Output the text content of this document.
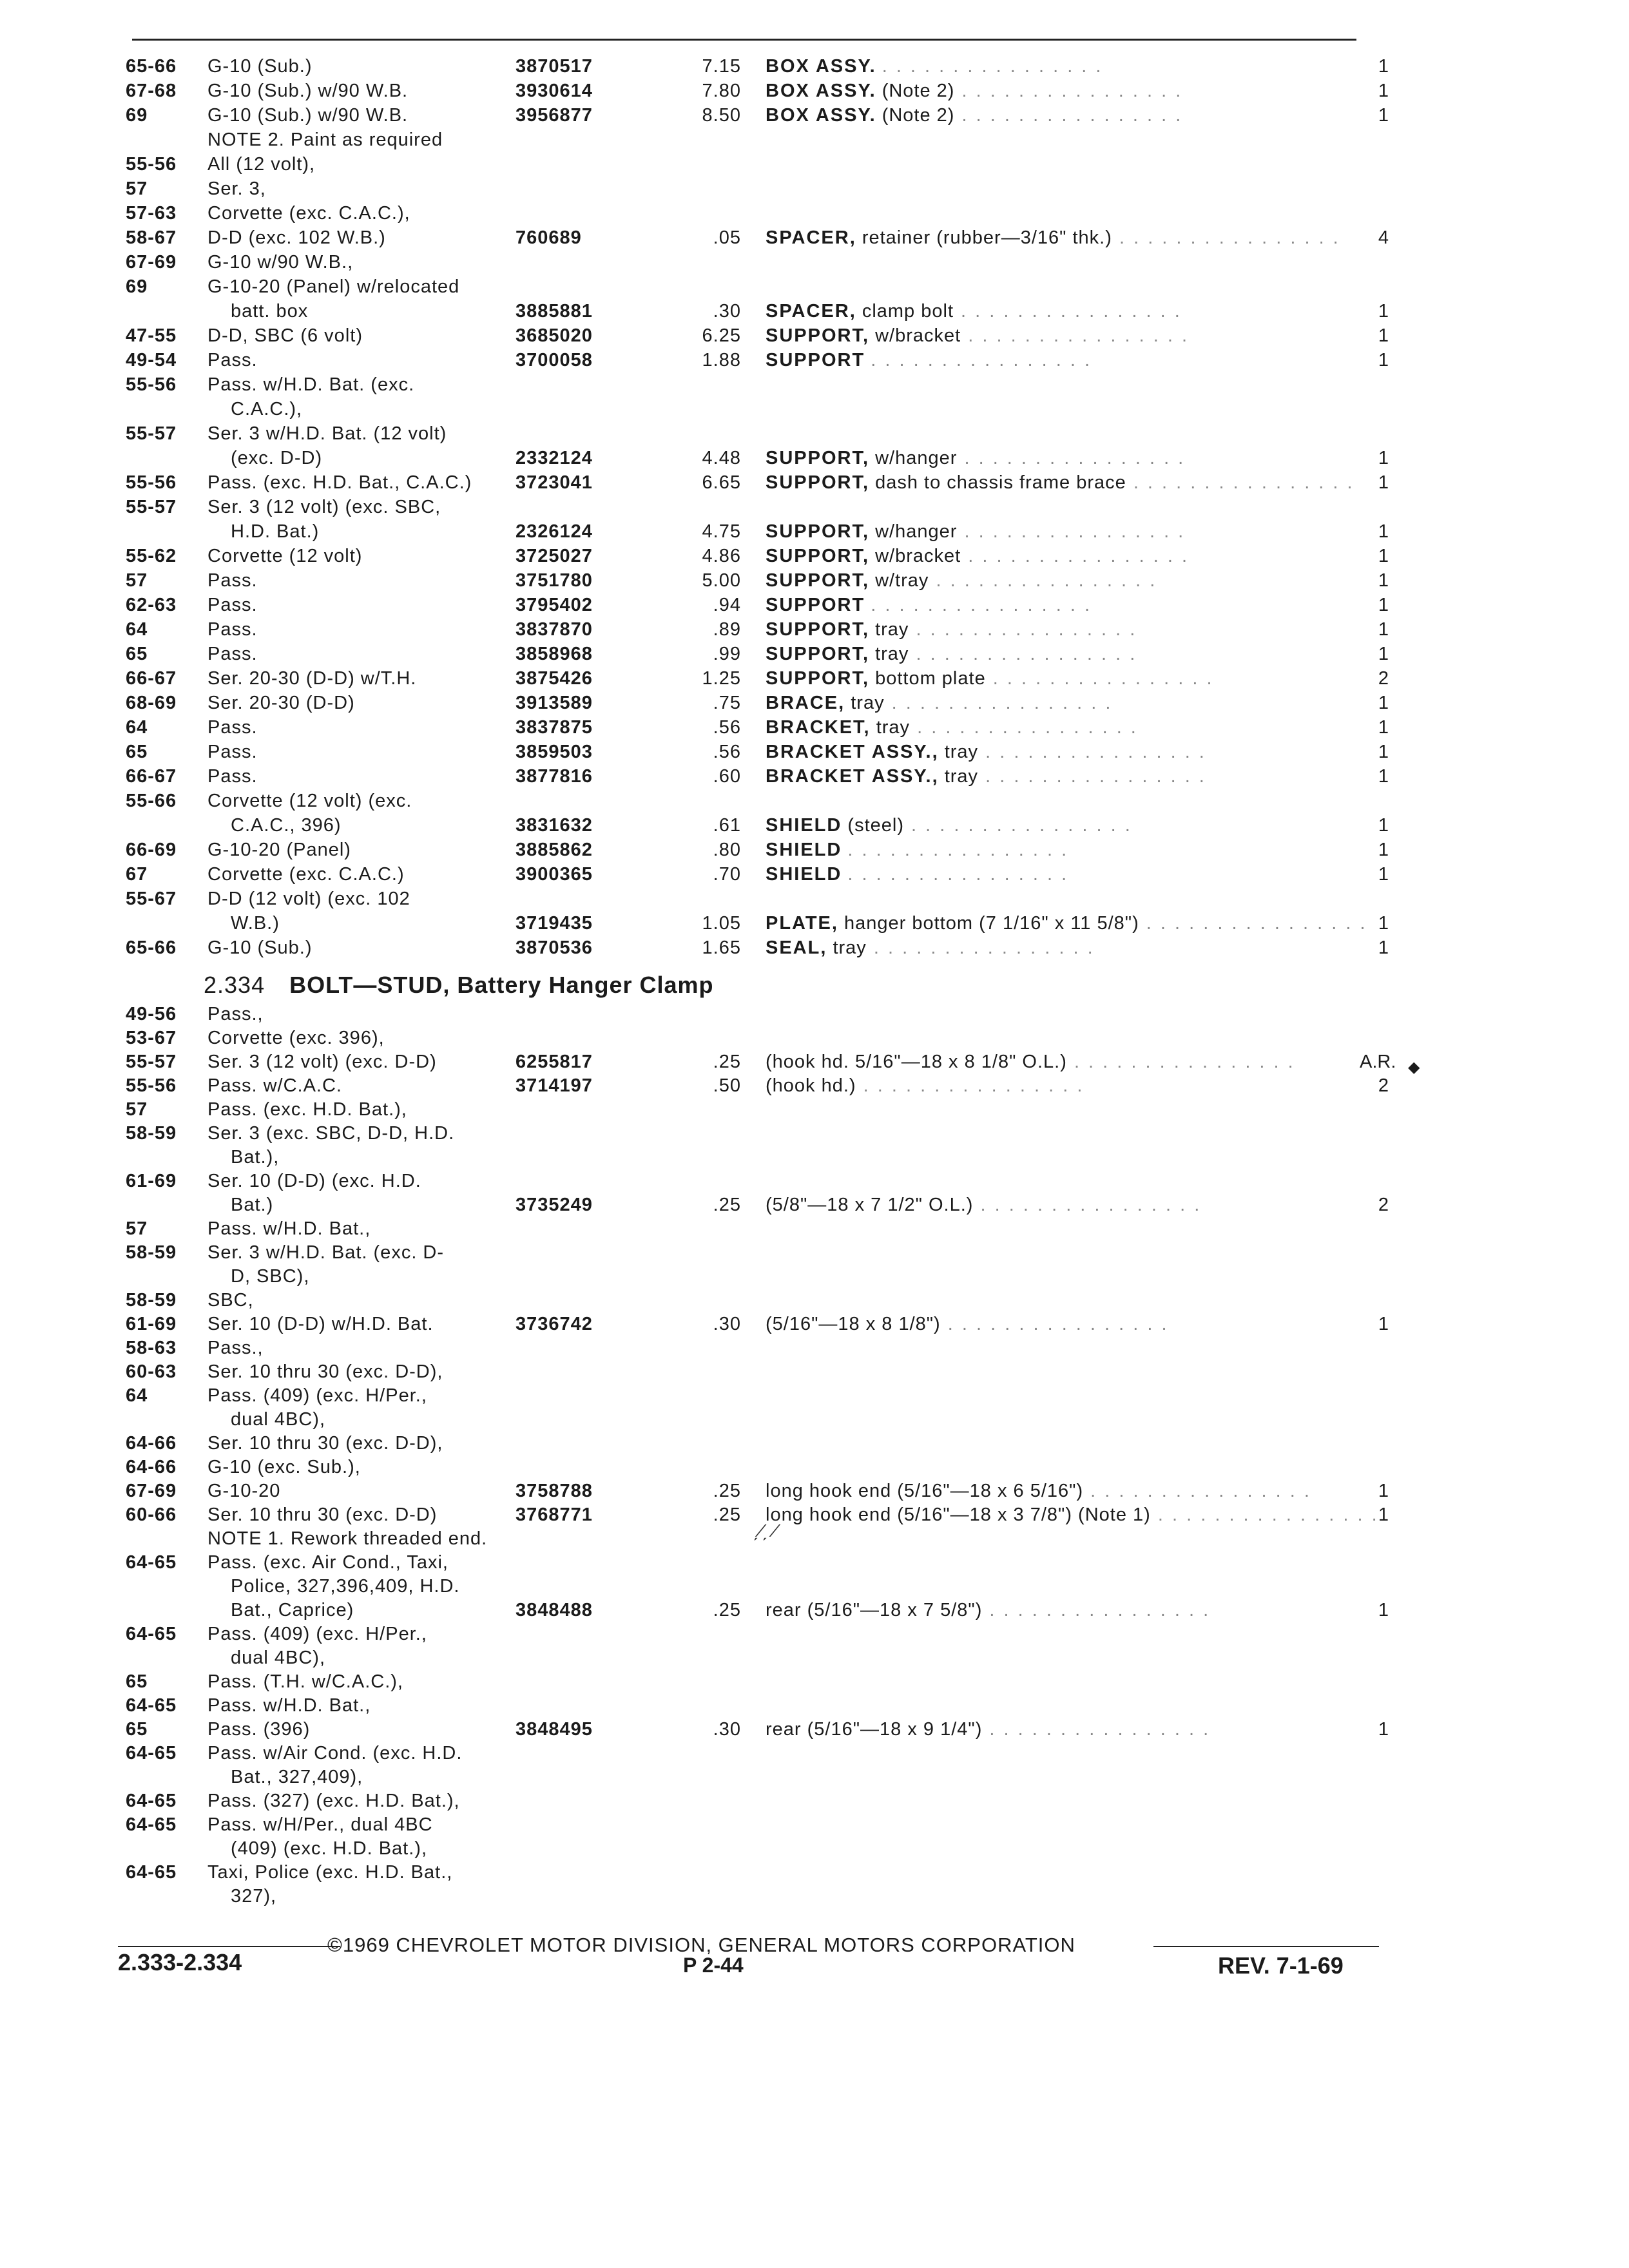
65-66 G-10 (Sub.)	3870517	7.15 BOX ASSY. . . . . . . . . . . . . . . . .	1
67-68 G-10 (Sub.) w/90 W.B.	3930614	7.80 BOX ASSY. (Note 2) . . . . . . . . . . . . . . . .	1
69	G-10 (Sub.) w/90 W.B.	3956877	8.50 BOX ASSY. (Note 2) . . . . . . . . . . . . . . . .	1
NOTE 2. Paint as required
55-56 All (12 volt),
57	Ser. 3,
57-63 Corvette (exc. C.A.C.),
58-67 D-D (exc. 102 W.B.)	760689	.05 SPACER, retainer (rubber—3/16" thk.) . . . . . . . . . . . . . . . .	4
67-69 G-10 w/90 W.B.,
69	G-10-20 (Panel) w/relocated
batt. box	3885881	.30 SPACER, clamp bolt . . . . . . . . . . . . . . . .	1
47-55 D-D, SBC (6 volt)	3685020	6.25 SUPPORT, w/bracket . . . . . . . . . . . . . . . .	1
49-54 Pass.	3700058	1.88 SUPPORT . . . . . . . . . . . . . . . .	1
55-56 Pass. w/H.D. Bat. (exc.
C.A.C.),
55-57 Ser. 3 w/H.D. Bat. (12 volt)
(exc. D-D)	2332124	4.48 SUPPORT, w/hanger . . . . . . . . . . . . . . . .	1
55-56 Pass. (exc. H.D. Bat., C.A.C.) 3723041	6.65 SUPPORT, dash to chassis frame brace . . . . . . . . . . . . . . . .	1
55-57 Ser. 3 (12 volt) (exc. SBC,
H.D. Bat.)	2326124	4.75 SUPPORT, w/hanger . . . . . . . . . . . . . . . .	1
55-62 Corvette (12 volt)	3725027	4.86 SUPPORT, w/bracket . . . . . . . . . . . . . . . .	1
57	Pass.	3751780	5.00 SUPPORT, w/tray . . . . . . . . . . . . . . . .	1
62-63 Pass.	3795402	.94 SUPPORT . . . . . . . . . . . . . . . .	1
64	Pass.	3837870	.89 SUPPORT, tray . . . . . . . . . . . . . . . .	1
65	Pass.	3858968	.99 SUPPORT, tray . . . . . . . . . . . . . . . .	1
66-67 Ser. 20-30 (D-D) w/T.H.	3875426	1.25 SUPPORT, bottom plate . . . . . . . . . . . . . . . .	2
68-69 Ser. 20-30 (D-D)	3913589	.75 BRACE, tray . . . . . . . . . . . . . . . .	1
64	Pass.	3837875	.56 BRACKET, tray . . . . . . . . . . . . . . . .	1
65	Pass.	3859503	.56 BRACKET ASSY., tray . . . . . . . . . . . . . . . .	1
66-67 Pass.	3877816	.60 BRACKET ASSY., tray . . . . . . . . . . . . . . . .	1
55-66 Corvette (12 volt) (exc.
C.A.C., 396)	3831632	.61 SHIELD (steel) . . . . . . . . . . . . . . . .	1
66-69 G-10-20 (Panel)	3885862	.80 SHIELD . . . . . . . . . . . . . . . .	1
67	Corvette (exc. C.A.C.)	3900365	.70 SHIELD . . . . . . . . . . . . . . . .	1
55-67 D-D (12 volt) (exc. 102
W.B.)	3719435	1.05 PLATE, hanger bottom (7 1/16" x 11 5/8") . . . . . . . . . . . . . . . . 1
65-66 G-10 (Sub.)	3870536	1.65 SEAL, tray . . . . . . . . . . . . . . . .	1
2.334 BOLT—STUD, Battery Hanger Clamp
49-56 Pass.,
53-67 Corvette (exc. 396),
55-57 Ser. 3 (12 volt) (exc. D-D)	6255817	.25 (hook hd. 5/16"—18 x 8 1/8" O.L.) . . . . . . . . . . . . . . . .	A.R.
55-56 Pass. w/C.A.C.	3714197	.50 (hook hd.) . . . . . . . . . . . . . . . .	2
57	Pass. (exc. H.D. Bat.),
58-59 Ser. 3 (exc. SBC, D-D, H.D.
Bat.),
61-69 Ser. 10 (D-D) (exc. H.D.
Bat.)	3735249	.25 (5/8"—18 x 7 1/2" O.L.) . . . . . . . . . . . . . . . .	2
57	Pass. w/H.D. Bat.,
58-59 Ser. 3 w/H.D. Bat. (exc. D-
D, SBC),
58-59 SBC,
61-69 Ser. 10 (D-D) w/H.D. Bat.	3736742	.30 (5/16"—18 x 8 1/8") . . . . . . . . . . . . . . . .	1
58-63 Pass.,
60-63 Ser. 10 thru 30 (exc. D-D),
64	Pass. (409) (exc. H/Per.,
dual 4BC),
64-66 Ser. 10 thru 30 (exc. D-D),
64-66 G-10 (exc. Sub.),
67-69 G-10-20	3758788	.25 long hook end (5/16"—18 x 6 5/16") . . . . . . . . . . . . . . . .	1
60-66 Ser. 10 thru 30 (exc. D-D)	3768771	.25 long hook end (5/16"—18 x 3 7/8") (Note 1) . . . . . . . . . . . . . . . . 1
NOTE 1. Rework threaded end.
64-65 Pass. (exc. Air Cond., Taxi,
Police, 327,396,409, H.D.
Bat., Caprice)	3848488	.25 rear (5/16"—18 x 7 5/8") . . . . . . . . . . . . . . . .	1
64-65 Pass. (409) (exc. H/Per.,
dual 4BC),
65	Pass. (T.H. w/C.A.C.),
64-65 Pass. w/H.D. Bat.,
65	Pass. (396)	3848495	.30 rear (5/16"—18 x 9 1/4") . . . . . . . . . . . . . . . .	1
64-65 Pass. w/Air Cond. (exc. H.D.
Bat., 327,409),
64-65 Pass. (327) (exc. H.D. Bat.),
64-65 Pass. w/H/Per., dual 4BC
(409) (exc. H.D. Bat.),
64-65 Taxi, Police (exc. H.D. Bat.,
327),
◆
ˏ∕ˏ ∕
©1969 CHEVROLET MOTOR DIVISION, GENERAL MOTORS CORPORATION
2.333-2.334	P 2-44	REV. 7-1-69
